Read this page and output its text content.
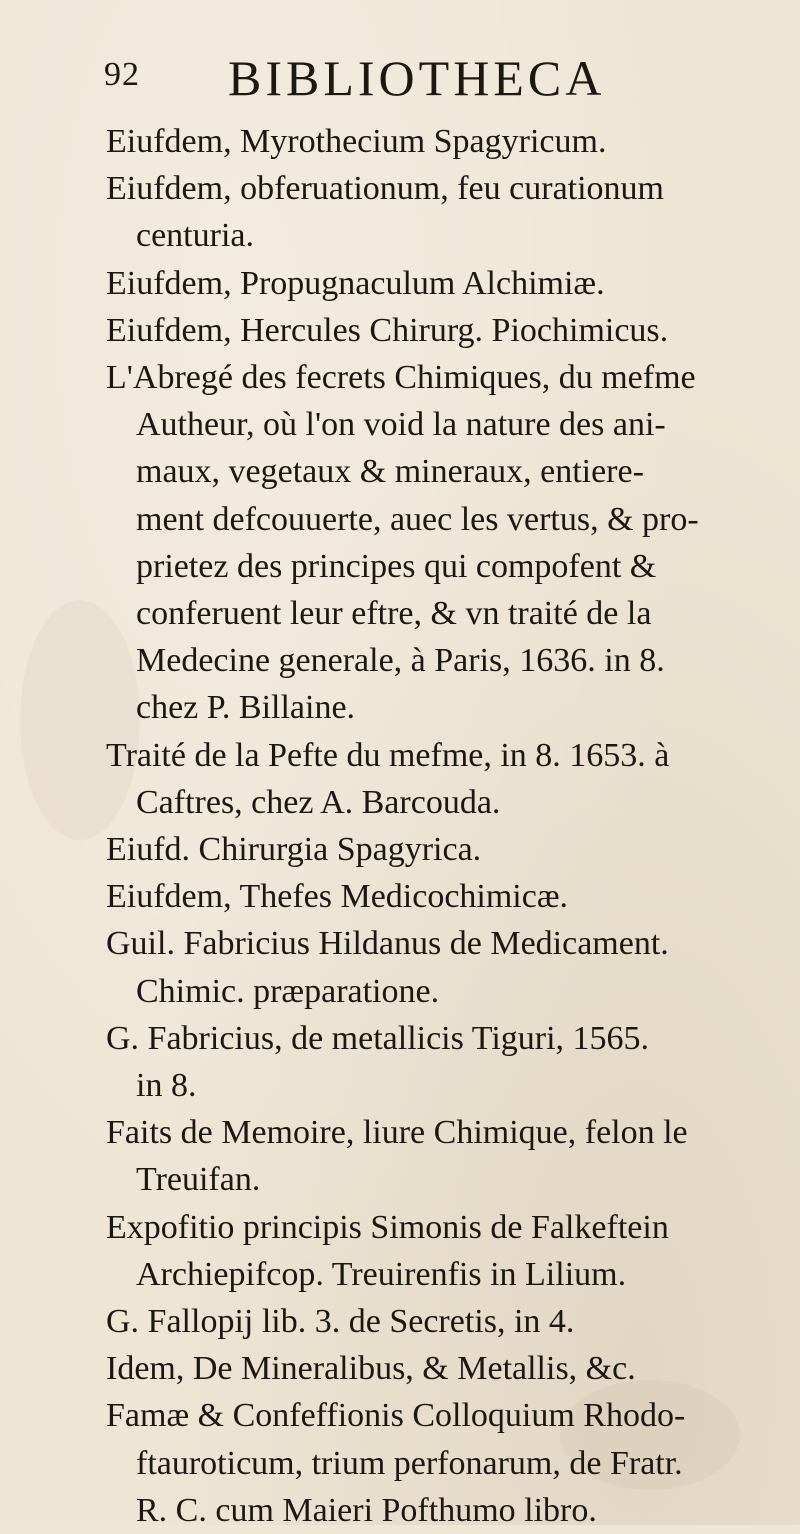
92 BIBLIOTHECA
Eiufdem, Myrothecium Spagyricum.
Eiufdem, obferuationum, feu curationum
centuria.
Eiufdem, Propugnaculum Alchimiæ.
Eiufdem, Hercules Chirurg. Piochimicus.
L'Abregé des fecrets Chimiques, du mefme
Autheur, où l'on void la nature des ani-
maux, vegetaux & mineraux, entiere-
ment defcouuerte, auec les vertus, & pro-
prietez des principes qui compofent &
conferuent leur eftre, & vn traité de la
Medecine generale, à Paris, 1636. in 8.
chez P. Billaine.
Traité de la Pefte du mefme, in 8. 1653. à
Caftres, chez A. Barcouda.
Eiufd. Chirurgia Spagyrica.
Eiufdem, Thefes Medicochimicæ.
Guil. Fabricius Hildanus de Medicament.
Chimic. præparatione.
G. Fabricius, de metallicis Tiguri, 1565.
in 8.
Faits de Memoire, liure Chimique, felon le
Treuifan.
Expofitio principis Simonis de Falkeftein
Archiepifcop. Treuirenfis in Lilium.
G. Fallopij lib. 3. de Secretis, in 4.
Idem, De Mineralibus, & Metallis, &c.
Famæ & Confeffionis Colloquium Rhodo-
ftauroticum, trium perfonarum, de Fratr.
R. C. cum Maieri Pofthumo libro.
